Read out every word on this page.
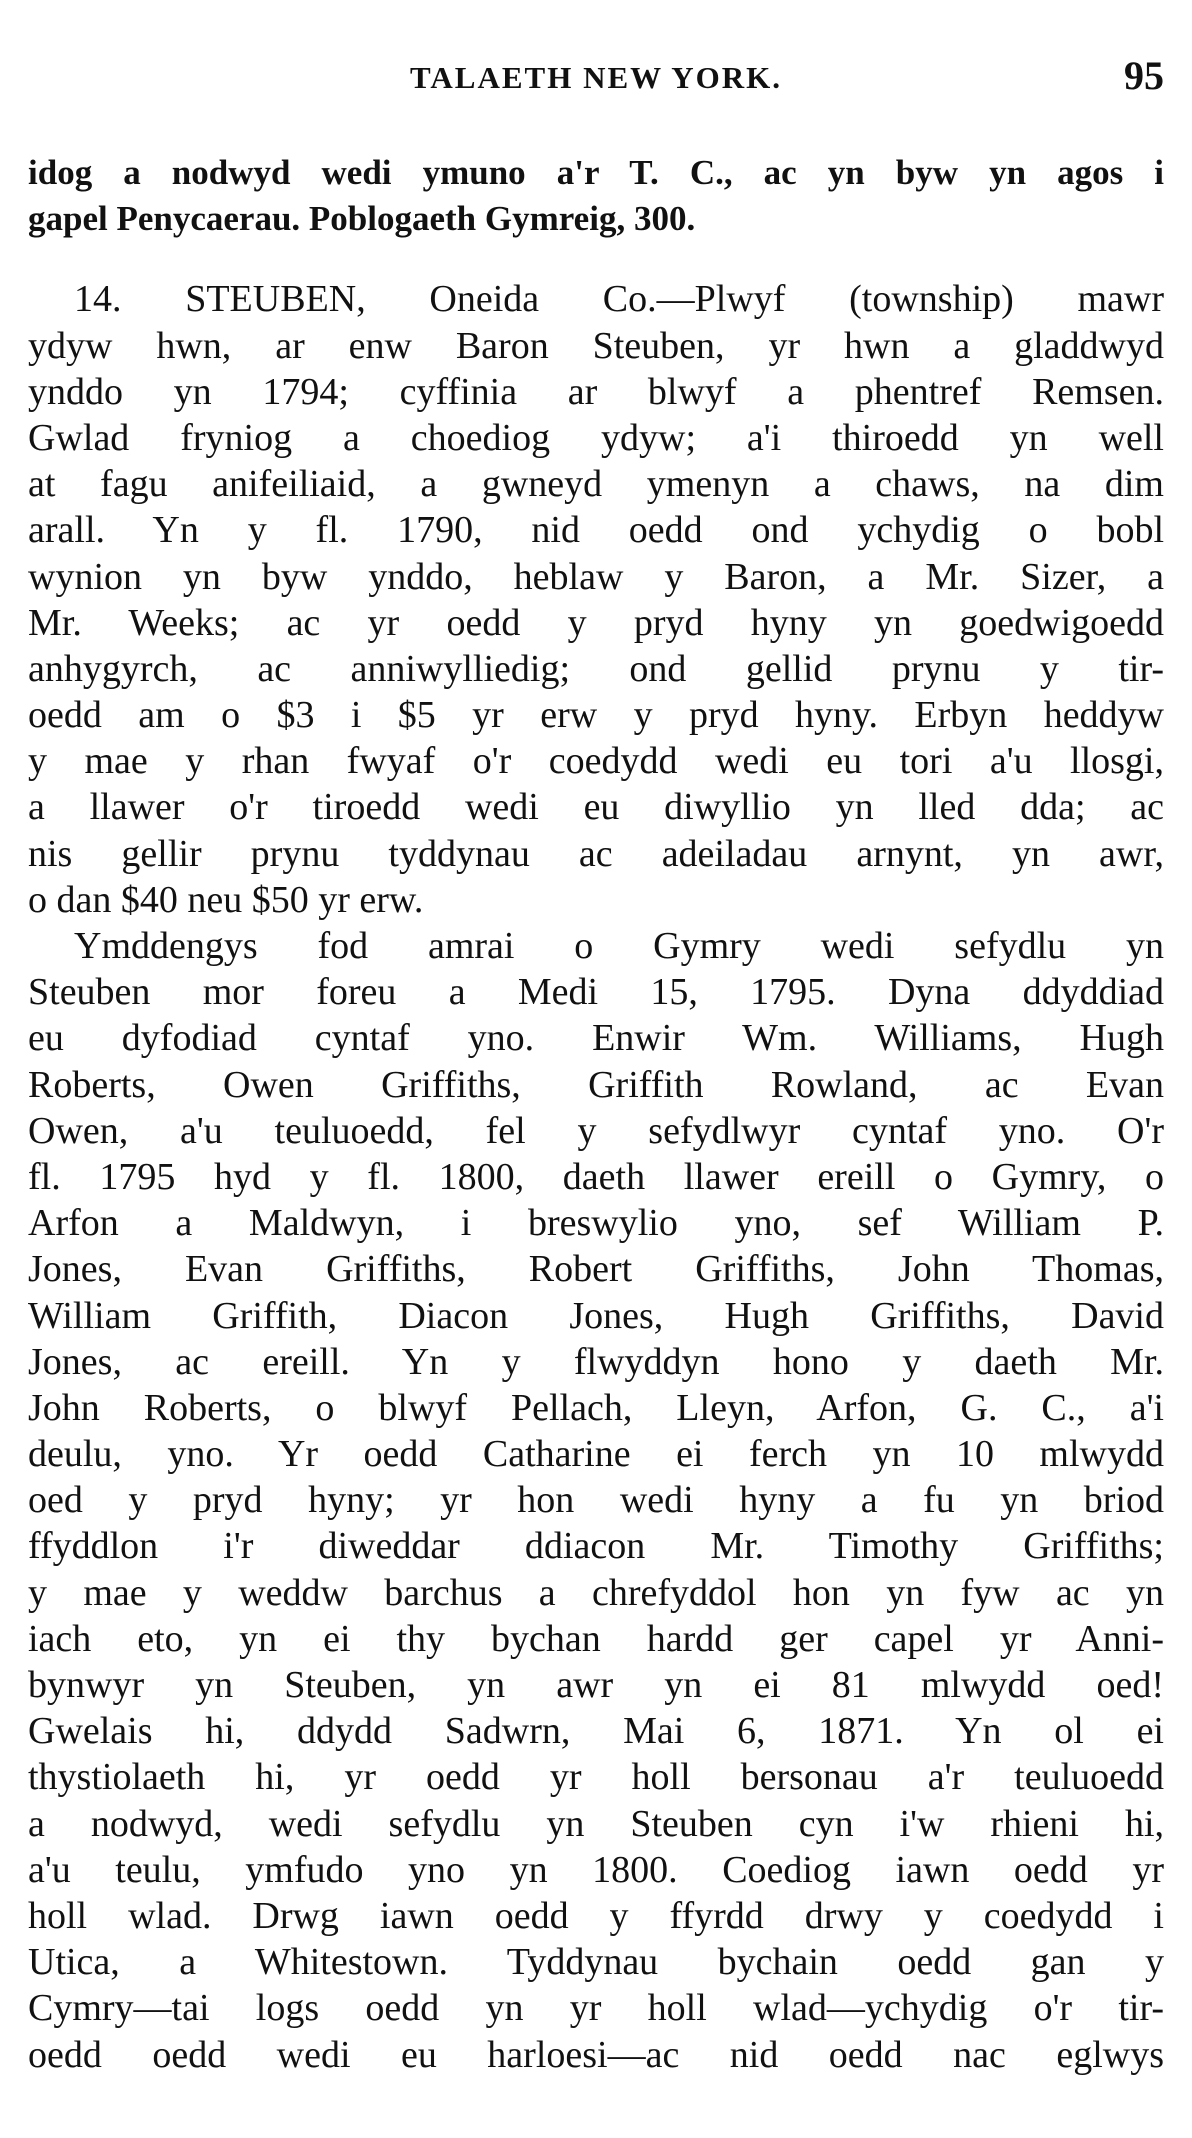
TALAETH NEW YORK.	95
idog a nodwyd wedi ymuno a'r T. C., ac yn byw yn agos i
gapel Penycaerau. Poblogaeth Gymreig, 300.
14. STEUBEN, Oneida Co.—Plwyf (township) mawr
ydyw hwn, ar enw Baron Steuben, yr hwn a gladdwyd
ynddo yn 1794; cyffinia ar blwyf a phentref Remsen.
Gwlad fryniog a choediog ydyw; a'i thiroedd yn well
at fagu anifeiliaid, a gwneyd ymenyn a chaws, na dim
arall. Yn y fl. 1790, nid oedd ond ychydig o bobl
wynion yn byw ynddo, heblaw y Baron, a Mr. Sizer, a
Mr. Weeks; ac yr oedd y pryd hyny yn goedwigoedd
anhygyrch, ac anniwylliedig; ond gellid prynu y tir-
oedd am o $3 i $5 yr erw y pryd hyny. Erbyn heddyw
y mae y rhan fwyaf o'r coedydd wedi eu tori a'u llosgi,
a llawer o'r tiroedd wedi eu diwyllio yn lled dda; ac
nis gellir prynu tyddynau ac adeiladau arnynt, yn awr,
o dan $40 neu $50 yr erw.
Ymddengys fod amrai o Gymry wedi sefydlu yn
Steuben mor foreu a Medi 15, 1795. Dyna ddyddiad
eu dyfodiad cyntaf yno. Enwir Wm. Williams, Hugh
Roberts, Owen Griffiths, Griffith Rowland, ac Evan
Owen, a'u teuluoedd, fel y sefydlwyr cyntaf yno. O'r
fl. 1795 hyd y fl. 1800, daeth llawer ereill o Gymry, o
Arfon a Maldwyn, i breswylio yno, sef William P.
Jones, Evan Griffiths, Robert Griffiths, John Thomas,
William Griffith, Diacon Jones, Hugh Griffiths, David
Jones, ac ereill. Yn y flwyddyn hono y daeth Mr.
John Roberts, o blwyf Pellach, Lleyn, Arfon, G. C., a'i
deulu, yno. Yr oedd Catharine ei ferch yn 10 mlwydd
oed y pryd hyny; yr hon wedi hyny a fu yn briod
ffyddlon i'r diweddar ddiacon Mr. Timothy Griffiths;
y mae y weddw barchus a chrefyddol hon yn fyw ac yn
iach eto, yn ei thy bychan hardd ger capel yr Anni-
bynwyr yn Steuben, yn awr yn ei 81 mlwydd oed!
Gwelais hi, ddydd Sadwrn, Mai 6, 1871. Yn ol ei
thystiolaeth hi, yr oedd yr holl bersonau a'r teuluoedd
a nodwyd, wedi sefydlu yn Steuben cyn i'w rhieni hi,
a'u teulu, ymfudo yno yn 1800. Coediog iawn oedd yr
holl wlad. Drwg iawn oedd y ffyrdd drwy y coedydd i
Utica, a Whitestown. Tyddynau bychain oedd gan y
Cymry—tai logs oedd yn yr holl wlad—ychydig o'r tir-
oedd oedd wedi eu harloesi—ac nid oedd nac eglwys
